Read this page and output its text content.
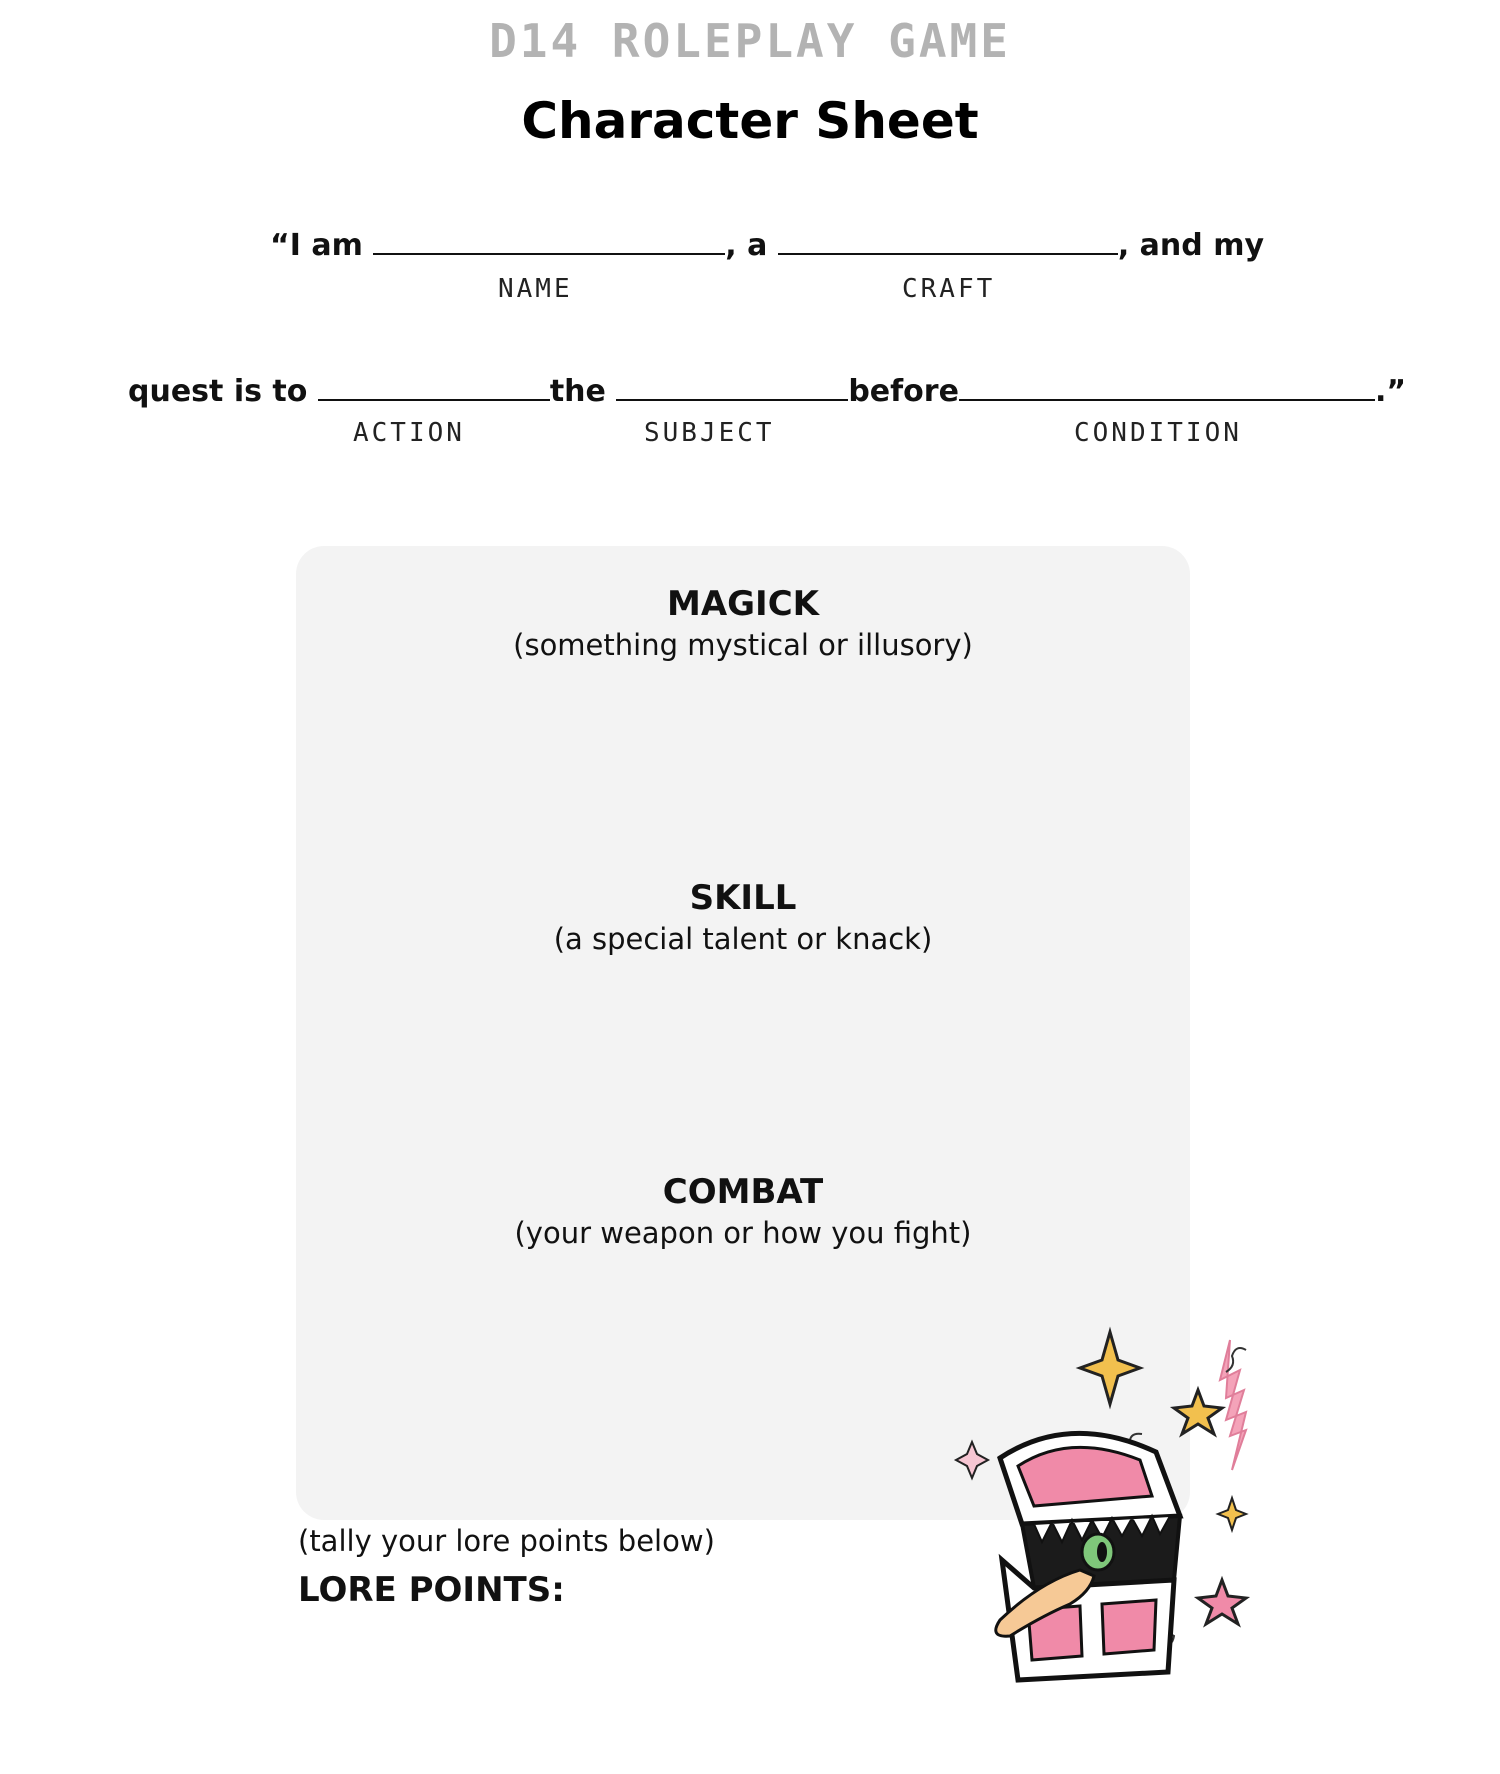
D14 ROLEPLAY GAME
Character Sheet
“I am	, a	, and my
NAME	CRAFT
quest is to	the	before	.”
ACTION	SUBJECT	CONDITION
MAGICK
(something mystical or illusory)
SKILL
(a special talent or knack)
COMBAT
(your weapon or how you fight)
(tally your lore points below)
LORE POINTS:
